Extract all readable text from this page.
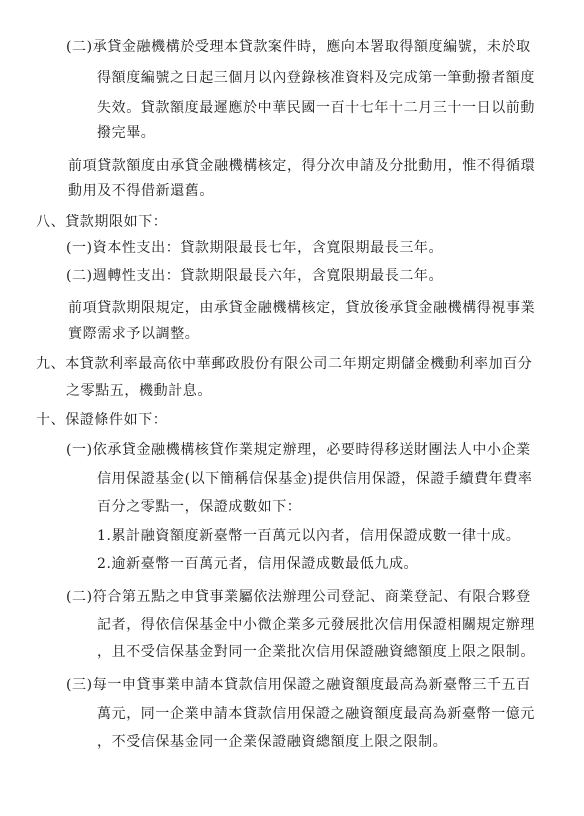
(二)承貸金融機構於受理本貸款案件時，應向本署取得額度編號，未於取
得額度編號之日起三個月以內登錄核准資料及完成第一筆動撥者額度
失效。貸款額度最遲應於中華民國一百十七年十二月三十一日以前動
撥完畢。
前項貸款額度由承貸金融機構核定，得分次申請及分批動用，惟不得循環
動用及不得借新還舊。
八、貸款期限如下：
(一)資本性支出：貸款期限最長七年，含寬限期最長三年。
(二)週轉性支出：貸款期限最長六年，含寬限期最長二年。
前項貸款期限規定，由承貸金融機構核定，貸放後承貸金融機構得視事業
實際需求予以調整。
九、本貸款利率最高依中華郵政股份有限公司二年期定期儲金機動利率加百分
之零點五，機動計息。
十、保證條件如下：
(一)依承貸金融機構核貸作業規定辦理，必要時得移送財團法人中小企業
信用保證基金(以下簡稱信保基金)提供信用保證，保證手續費年費率
百分之零點一，保證成數如下：
1.累計融資額度新臺幣一百萬元以內者，信用保證成數一律十成。
2.逾新臺幣一百萬元者，信用保證成數最低九成。
(二)符合第五點之申貸事業屬依法辦理公司登記、商業登記、有限合夥登
記者，得依信保基金中小微企業多元發展批次信用保證相關規定辦理
，且不受信保基金對同一企業批次信用保證融資總額度上限之限制。
(三)每一申貸事業申請本貸款信用保證之融資額度最高為新臺幣三千五百
萬元，同一企業申請本貸款信用保證之融資額度最高為新臺幣一億元
，不受信保基金同一企業保證融資總額度上限之限制。
